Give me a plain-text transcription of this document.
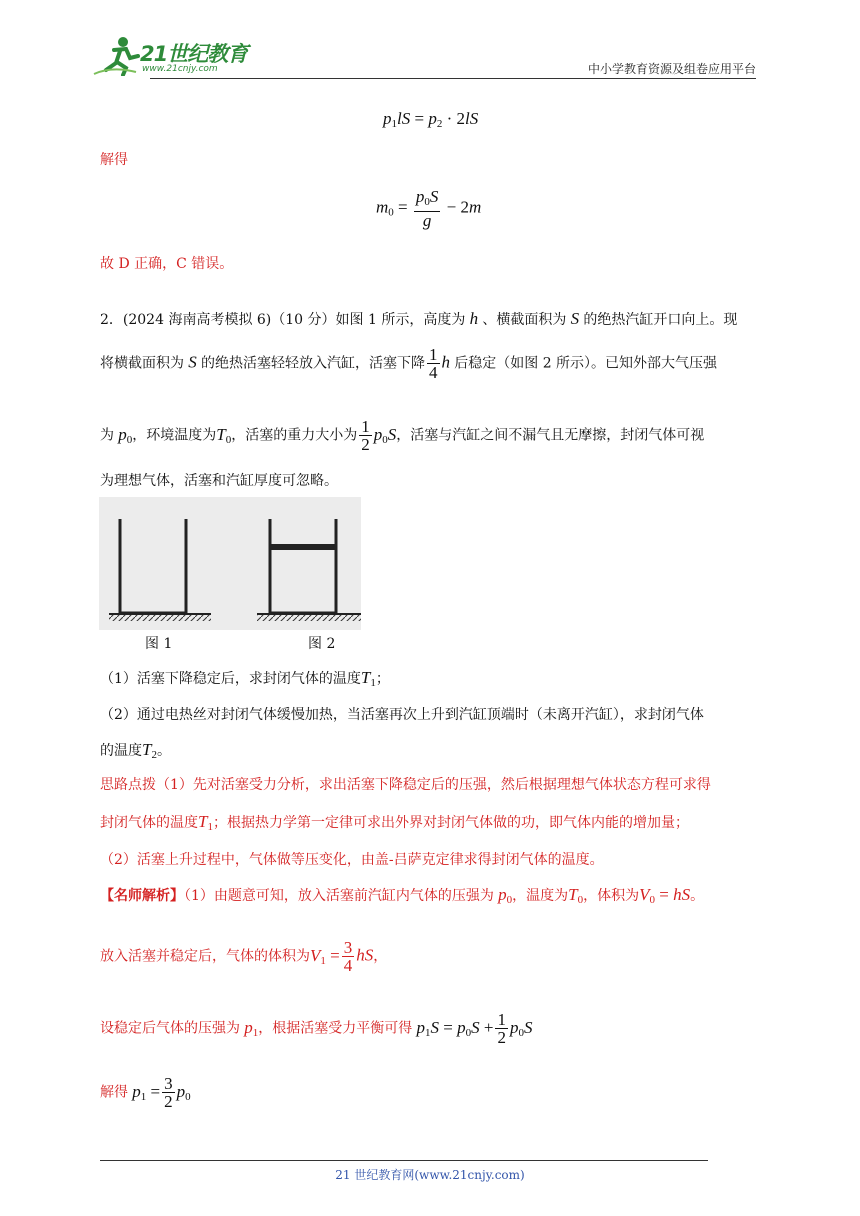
21世纪教育
www.21cnjy.com	中小学教育资源及组卷应用平台
$p_1lS = p_2 \cdot 2lS$
解得
$m_0 = \frac{p_0S}{g} - 2m$
故 D 正确，C 错误。
2．(2024 海南高考模拟 6)（10 分）如图 1 所示，高度为 h 、横截面积为 S 的绝热汽缸开口向上。现
将横截面积为 S 的绝热活塞轻轻放入汽缸，活塞下降 $\frac{1}{4}$ h 后稳定（如图 2 所示）。已知外部大气压强
为 $p_0$，环境温度为$T_0$，活塞的重力大小为 $\frac{1}{2} p_0S$，活塞与汽缸之间不漏气且无摩擦，封闭气体可视
为理想气体，活塞和汽缸厚度可忽略。
图 1	图 2
（1）活塞下降稳定后，求封闭气体的温度$T_1$；
（2）通过电热丝对封闭气体缓慢加热，当活塞再次上升到汽缸顶端时（未离开汽缸），求封闭气体
的温度$T_2$。
思路点拨（1）先对活塞受力分析，求出活塞下降稳定后的压强，然后根据理想气体状态方程可求得
封闭气体的温度$T_1$；根据热力学第一定律可求出外界对封闭气体做的功，即气体内能的增加量；
（2）活塞上升过程中，气体做等压变化，由盖-吕萨克定律求得封闭气体的温度。
【名师解析】（1）由题意可知，放入活塞前汽缸内气体的压强为 $p_0$，温度为$T_0$，体积为$V_0$ = hS。
放入活塞并稳定后，气体的体积为$V_1 = \frac{3}{4}$ hS，
设稳定后气体的压强为 $p_1$，根据活塞受力平衡可得 $p_1S = p_0S + \frac{1}{2} p_0S$
解得 $p_1 = \frac{3}{2} p_0$
21 世纪教育网(www.21cnjy.com)
